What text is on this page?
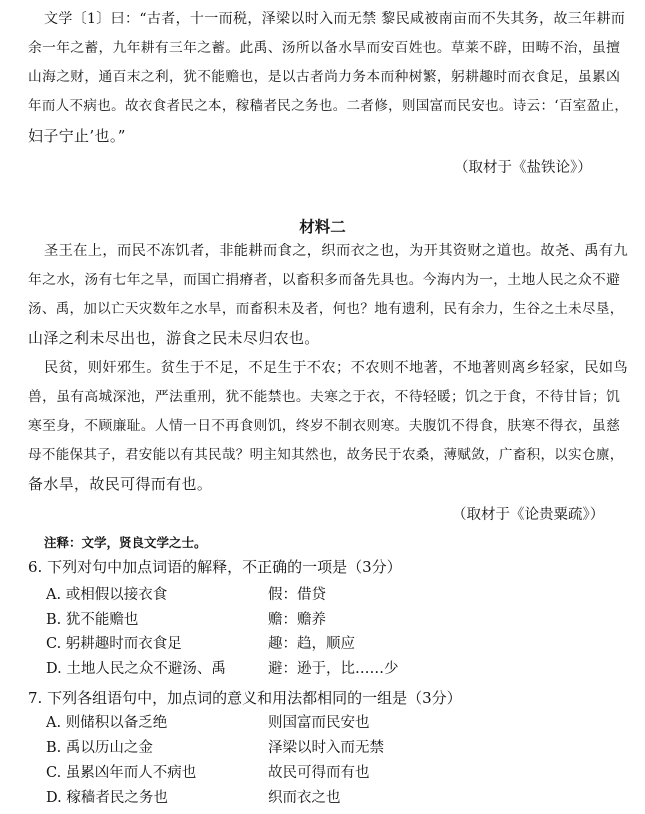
文学〔1〕曰：“古者，十一而税，泽梁以时入而无禁 黎民咸被南亩而不失其务，故三年耕而
余一年之蓄，九年耕有三年之蓄。此禹、汤所以备水旱而安百姓也。草莱不辟，田畴不治，虽擅
山海之财，通百末之利，犹不能赡也，是以古者尚力务本而种树繁，躬耕趣时而衣食足，虽累凶
年而人不病也。故衣食者民之本，稼穑者民之务也。二者修，则国富而民安也。诗云：‘百室盈止，
妇子宁止’也。”
（取材于《盐铁论》）
材料二
圣王在上，而民不冻饥者，非能耕而食之，织而衣之也，为开其资财之道也。故尧、禹有九
年之水，汤有七年之旱，而国亡捐瘠者，以畜积多而备先具也。今海内为一，土地人民之众不避
汤、禹，加以亡天灾数年之水旱，而畜积未及者，何也？地有遗利，民有余力，生谷之土未尽垦，
山泽之利未尽出也，游食之民未尽归农也。
民贫，则奸邪生。贫生于不足，不足生于不农；不农则不地著，不地著则离乡轻家，民如鸟
兽，虽有高城深池，严法重刑，犹不能禁也。夫寒之于衣，不待轻暖；饥之于食，不待甘旨；饥
寒至身，不顾廉耻。人情一日不再食则饥，终岁不制衣则寒。夫腹饥不得食，肤寒不得衣，虽慈
母不能保其子，君安能以有其民哉？明主知其然也，故务民于农桑，薄赋敛，广畜积，以实仓廪，
备水旱，故民可得而有也。
（取材于《论贵粟疏》）
注释：文学，贤良文学之士。
6. 下列对句中加点词语的解释，不正确的一项是（3分）
A. 或相假以接衣食	假：借贷
B. 犹不能赡也	赡：赡养
C. 躬耕趣时而衣食足	趣：趋，顺应
D. 土地人民之众不避汤、禹	避：逊于，比……少
7. 下列各组语句中，加点词的意义和用法都相同的一组是（3分）
A. 则储积以备乏绝	则国富而民安也
B. 禹以历山之金	泽梁以时入而无禁
C. 虽累凶年而人不病也	故民可得而有也
D. 稼穑者民之务也	织而衣之也
